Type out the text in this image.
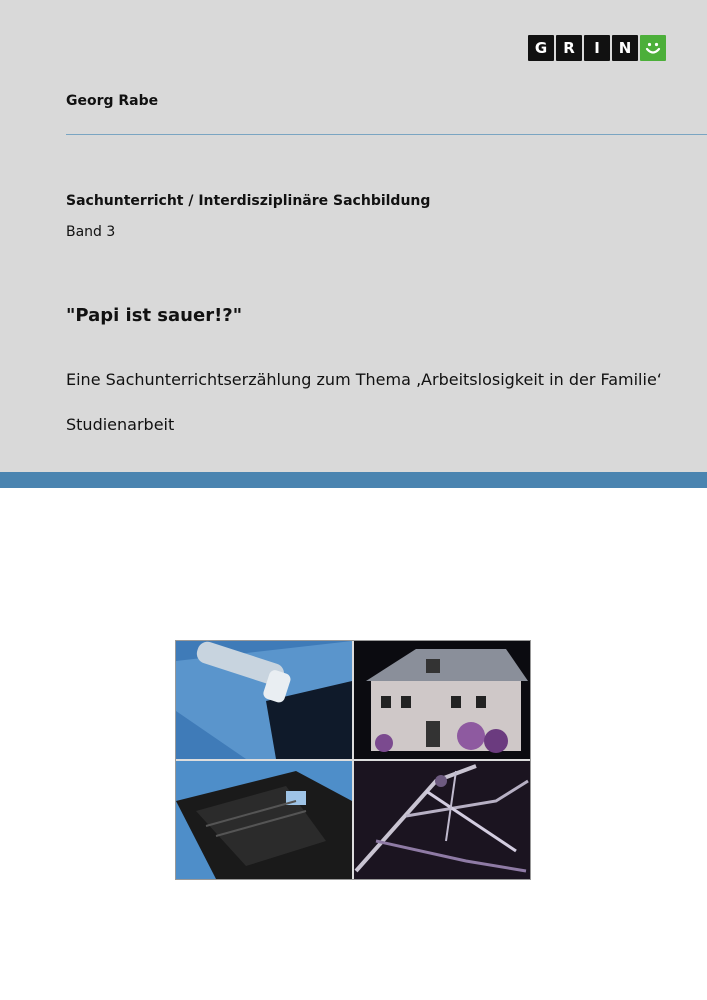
G	R	I	N
Georg Rabe
Sachunterricht / Interdisziplinäre Sachbildung
Band 3
"Papi ist sauer!?"
Eine Sachunterrichtserzählung zum Thema ‚Arbeitslosigkeit in der Familie‘
Studienarbeit
